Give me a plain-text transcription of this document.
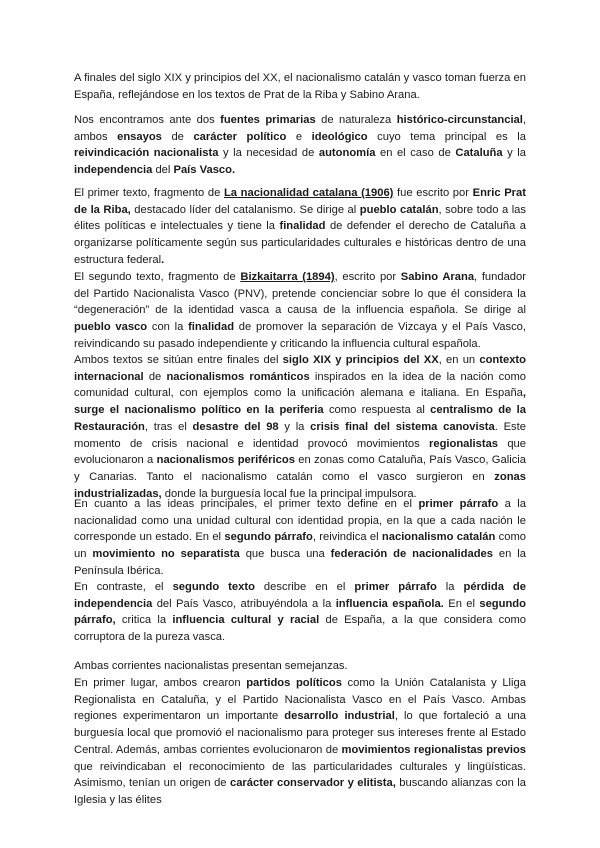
A finales del siglo XIX y principios del XX, el nacionalismo catalán y vasco toman fuerza en España, reflejándose en los textos de Prat de la Riba y Sabino Arana.

Nos encontramos ante dos fuentes primarias de naturaleza histórico-circunstancial, ambos ensayos de carácter político e ideológico cuyo tema principal es la reivindicación nacionalista y la necesidad de autonomía en el caso de Cataluña y la independencia del País Vasco.

El primer texto, fragmento de La nacionalidad catalana (1906) fue escrito por Enric Prat de la Riba, destacado líder del catalanismo. Se dirige al pueblo catalán, sobre todo a las élites políticas e intelectuales y tiene la finalidad de defender el derecho de Cataluña a organizarse políticamente según sus particularidades culturales e históricas dentro de una estructura federal.

El segundo texto, fragmento de Bizkaitarra (1894), escrito por Sabino Arana, fundador del Partido Nacionalista Vasco (PNV), pretende concienciar sobre lo que él considera la “degeneración” de la identidad vasca a causa de la influencia española. Se dirige al pueblo vasco con la finalidad de promover la separación de Vizcaya y el País Vasco, reivindicando su pasado independiente y criticando la influencia cultural española.

Ambos textos se sitúan entre finales del siglo XIX y principios del XX, en un contexto internacional de nacionalismos románticos inspirados en la idea de la nación como comunidad cultural, con ejemplos como la unificación alemana e italiana. En España, surge el nacionalismo político en la periferia como respuesta al centralismo de la Restauración, tras el desastre del 98 y la crisis final del sistema canovista. Este momento de crisis nacional e identidad provocó movimientos regionalistas que evolucionaron a nacionalismos periféricos en zonas como Cataluña, País Vasco, Galicia y Canarias. Tanto el nacionalismo catalán como el vasco surgieron en zonas industrializadas, donde la burguesía local fue la principal impulsora.

En cuanto a las ideas principales, el primer texto define en el primer párrafo a la nacionalidad como una unidad cultural con identidad propia, en la que a cada nación le corresponde un estado. En el segundo párrafo, reivindica el nacionalismo catalán como un movimiento no separatista que busca una federación de nacionalidades en la Península Ibérica.

En contraste, el segundo texto describe en el primer párrafo la pérdida de independencia del País Vasco, atribuyéndola a la influencia española. En el segundo párrafo, critica la influencia cultural y racial de España, a la que considera como corruptora de la pureza vasca.

Ambas corrientes nacionalistas presentan semejanzas.

En primer lugar, ambos crearon partidos políticos como la Unión Catalanista y Lliga Regionalista en Cataluña, y el Partido Nacionalista Vasco en el País Vasco. Ambas regiones experimentaron un importante desarrollo industrial, lo que fortaleció a una burguesía local que promovió el nacionalismo para proteger sus intereses frente al Estado Central. Además, ambas corrientes evolucionaron de movimientos regionalistas previos que reivindicaban el reconocimiento de las particularidades culturales y lingüísticas. Asimismo, tenían un origen de carácter conservador y elitista, buscando alianzas con la Iglesia y las élites
